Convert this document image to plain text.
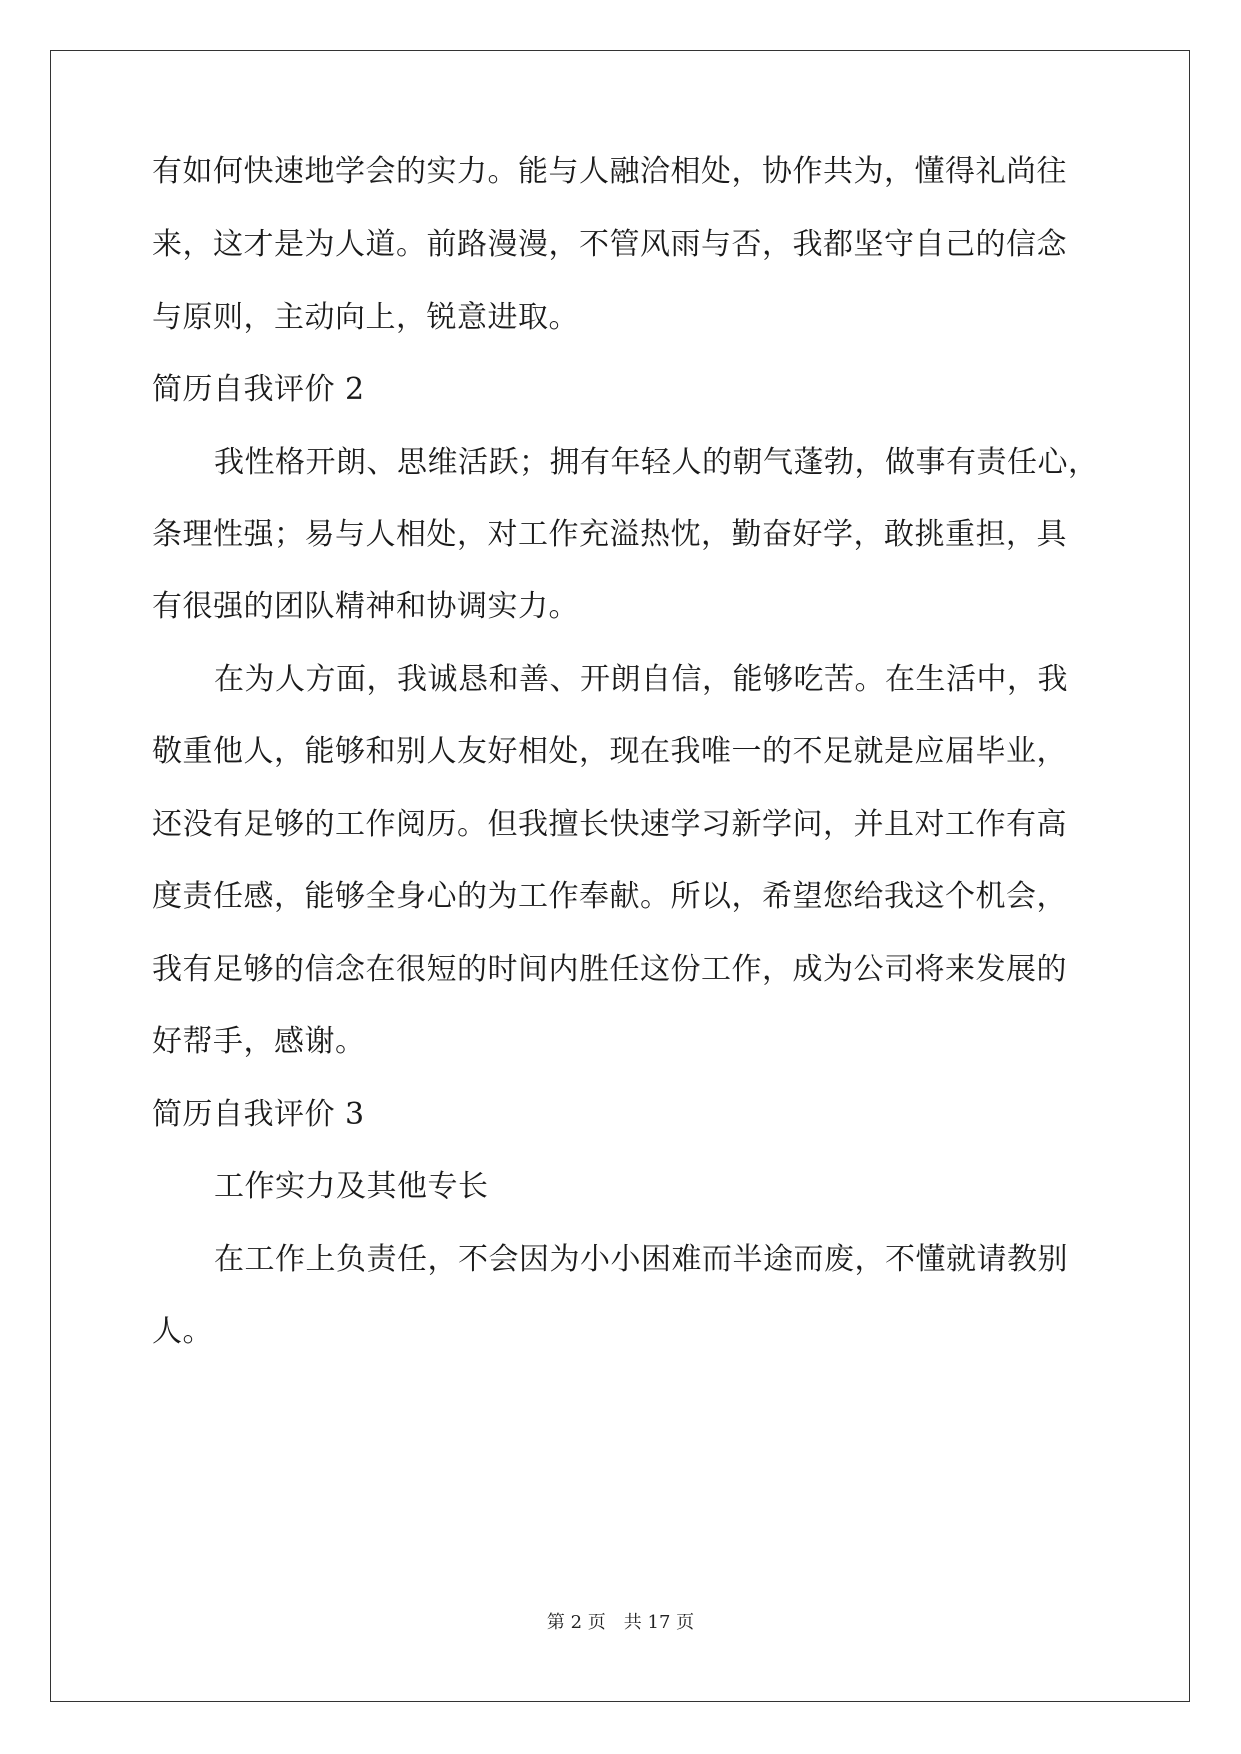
有如何快速地学会的实力。能与人融洽相处，协作共为，懂得礼尚往
来，这才是为人道。前路漫漫，不管风雨与否，我都坚守自己的信念
与原则，主动向上，锐意进取。
简历自我评价 2
我性格开朗、思维活跃；拥有年轻人的朝气蓬勃，做事有责任心，
条理性强；易与人相处，对工作充溢热忱，勤奋好学，敢挑重担，具
有很强的团队精神和协调实力。
在为人方面，我诚恳和善、开朗自信，能够吃苦。在生活中，我
敬重他人，能够和别人友好相处，现在我唯一的不足就是应届毕业，
还没有足够的工作阅历。但我擅长快速学习新学问，并且对工作有高
度责任感，能够全身心的为工作奉献。所以，希望您给我这个机会，
我有足够的信念在很短的时间内胜任这份工作，成为公司将来发展的
好帮手，感谢。
简历自我评价 3
工作实力及其他专长
在工作上负责任，不会因为小小困难而半途而废，不懂就请教别
人。
第 2 页 共 17 页
